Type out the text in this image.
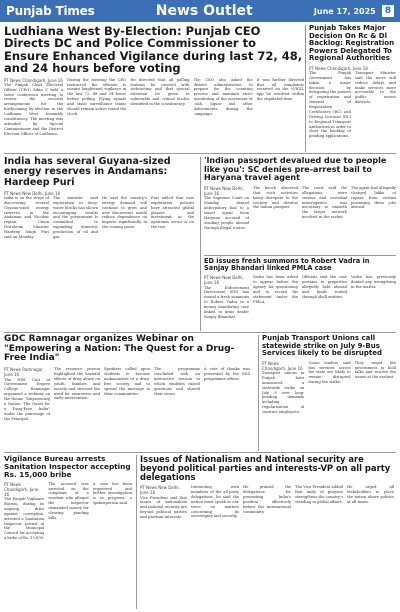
Punjab Times	News Outlet	June 17, 2025	8
Ludhiana West By-Election: Punjab CEO Directs DC and Police Commissioner to Ensure Enhanced Vigilance during last 72, 48, and 24 hours before voting
PT News Chandigarh, June 16
The Punjab Chief Electoral Officer (CEO) Sibin C held a video conference meeting to review the security arrangements for the forthcoming by-election in the Ludhiana West Assembly constituency. The meeting was attended by Special Commissioner and the District Election Officer of Ludhiana.
During the meeting the CEO instructed the officials to ensure heightened vigilance in the last 72, 48 and 24 hours before polling. Flying squads and static surveillance teams should remain active round the clock.
He directed that all polling stations be covered with webcasting and that special attention be given to vulnerable and critical booths identified in the constituency.
The CEO also asked the district administration to prepare for the counting process and maintain strict monitoring of the movement of cash, liquor and other inducements during the campaign.
It was further directed that all complaints received on the cVIGIL app be resolved within the stipulated time.
Punjab Takes Major Decision On Rc & Dl Backlog: Registration Powers Delegated To Regional Authorities
PT News Chandigarh, June 16
The Punjab Government has taken a major decision by delegating the powers of registration and renewal of Registration Certificates (RC) and Driving Licences (DL) to Regional Transport Authorities in order to clear the backlog of pending applications.
Transport Minister said the move will reduce delays and make services more accessible to the public across districts.
India has several Guyana-sized energy reserves in Andamans: Hardeep Puri
PT News New Delhi, June 16
India is on the verge of discovering several Guyana-sized energy reserves in the Andaman and Nicobar region, Union Petroleum Minister Hardeep Singh Puri said on Monday.
The minister said exploration in deep-water blocks has shown encouraging results and the government is committed to expanding domestic production of oil and gas.
He said the country's energy demand will continue to grow and new discoveries would reduce dependence on imports significantly in the coming years.
Puri added that new exploration policies have attracted global players and investment in the upstream sector is on the rise.
'Indian passport devalued due to people like you': SC denies pre-arrest bail to Haryana travel agent
PT News New Delhi, June 16
The Supreme Court on Monday denied anticipatory bail to a travel agent from Haryana accused of sending people abroad through illegal routes.
The bench observed that such activities bring disrepute to the country and devalue the Indian passport.
The court said the allegations were serious and custodial interrogation was necessary to unearth the larger network involved in the racket.
The agent had allegedly charged lakhs of rupees from victims promising them jobs abroad.
ED issues fresh summons to Robert Vadra in Sanjay Bhandari linked PMLA case
PT News New Delhi, June 16
The Enforcement Directorate (ED) has issued a fresh summons to Robert Vadra in a money laundering case linked to arms dealer Sanjay Bhandari.
Vadra has been asked to appear before the agency for questioning and to record his statement under the PMLA.
Officials said the case pertains to properties allegedly held abroad and funds routed through shell entities.
Vadra has previously denied any wrongdoing in the matter.
GDC Ramnagar organizes Webinar on "Empowering a Nation: The Quest for a Drug-Free India"
PT News Ramnagar, June 16
The NSS Unit of Government Degree College Ramnagar organized a webinar on the theme "Empowering a Nation: The Quest for a Drug-Free India" under the patronage of the Principal.
The resource person highlighted the harmful effects of drug abuse on youth, families and society and stressed the need for awareness and early intervention.
Speakers called upon students to become ambassadors of a drug-free society and to spread the message in their communities.
The programme concluded with an interactive session in which students raised questions and shared their views.
A vote of thanks was presented by the NSS programme officer.
Punjab Transport Unions call statewide strike on July 9-Bus Services likely to be disrupted
PT News Chandigarh, June 16
Transport unions in Punjab have announced a statewide strike on July 9 over long-pending demands including regularisation of contract employees.
Union leaders said bus services across the state are likely to remain disrupted during the strike.
They urged the government to hold talks and resolve the issues at the earliest.
Vigilance Bureau arrests Sanitation Inspector accepting Rs. 15,000 bribe
PT News Chandigarh, June 16
The Punjab Vigilance Bureau, during its ongoing drive against corruption, arrested a Sanitation Inspector posted at the Municipal Council for accepting a bribe of Rs. 15,000.
The accused was arrested on the complaint of a resident who alleged the inspector demanded money for clearing pending bills.
A case has been registered and further investigation is in progress, a spokesperson said.
Issues of Nationalism and National security are beyond political parties and interests-VP on all party delegations
PT News New Delhi, June 16
Vice President said that issues of nationalism and national security are beyond political parties and partisan interests.
Interacting with members of the all-party delegations, he said the nation must speak in one voice on matters concerning its sovereignty and security.
He praised the delegations for presenting India's position effectively before the international community.
The Vice President added that unity of purpose strengthens the country's standing in global affairs.
He urged all stakeholders to place the nation above politics at all times.
